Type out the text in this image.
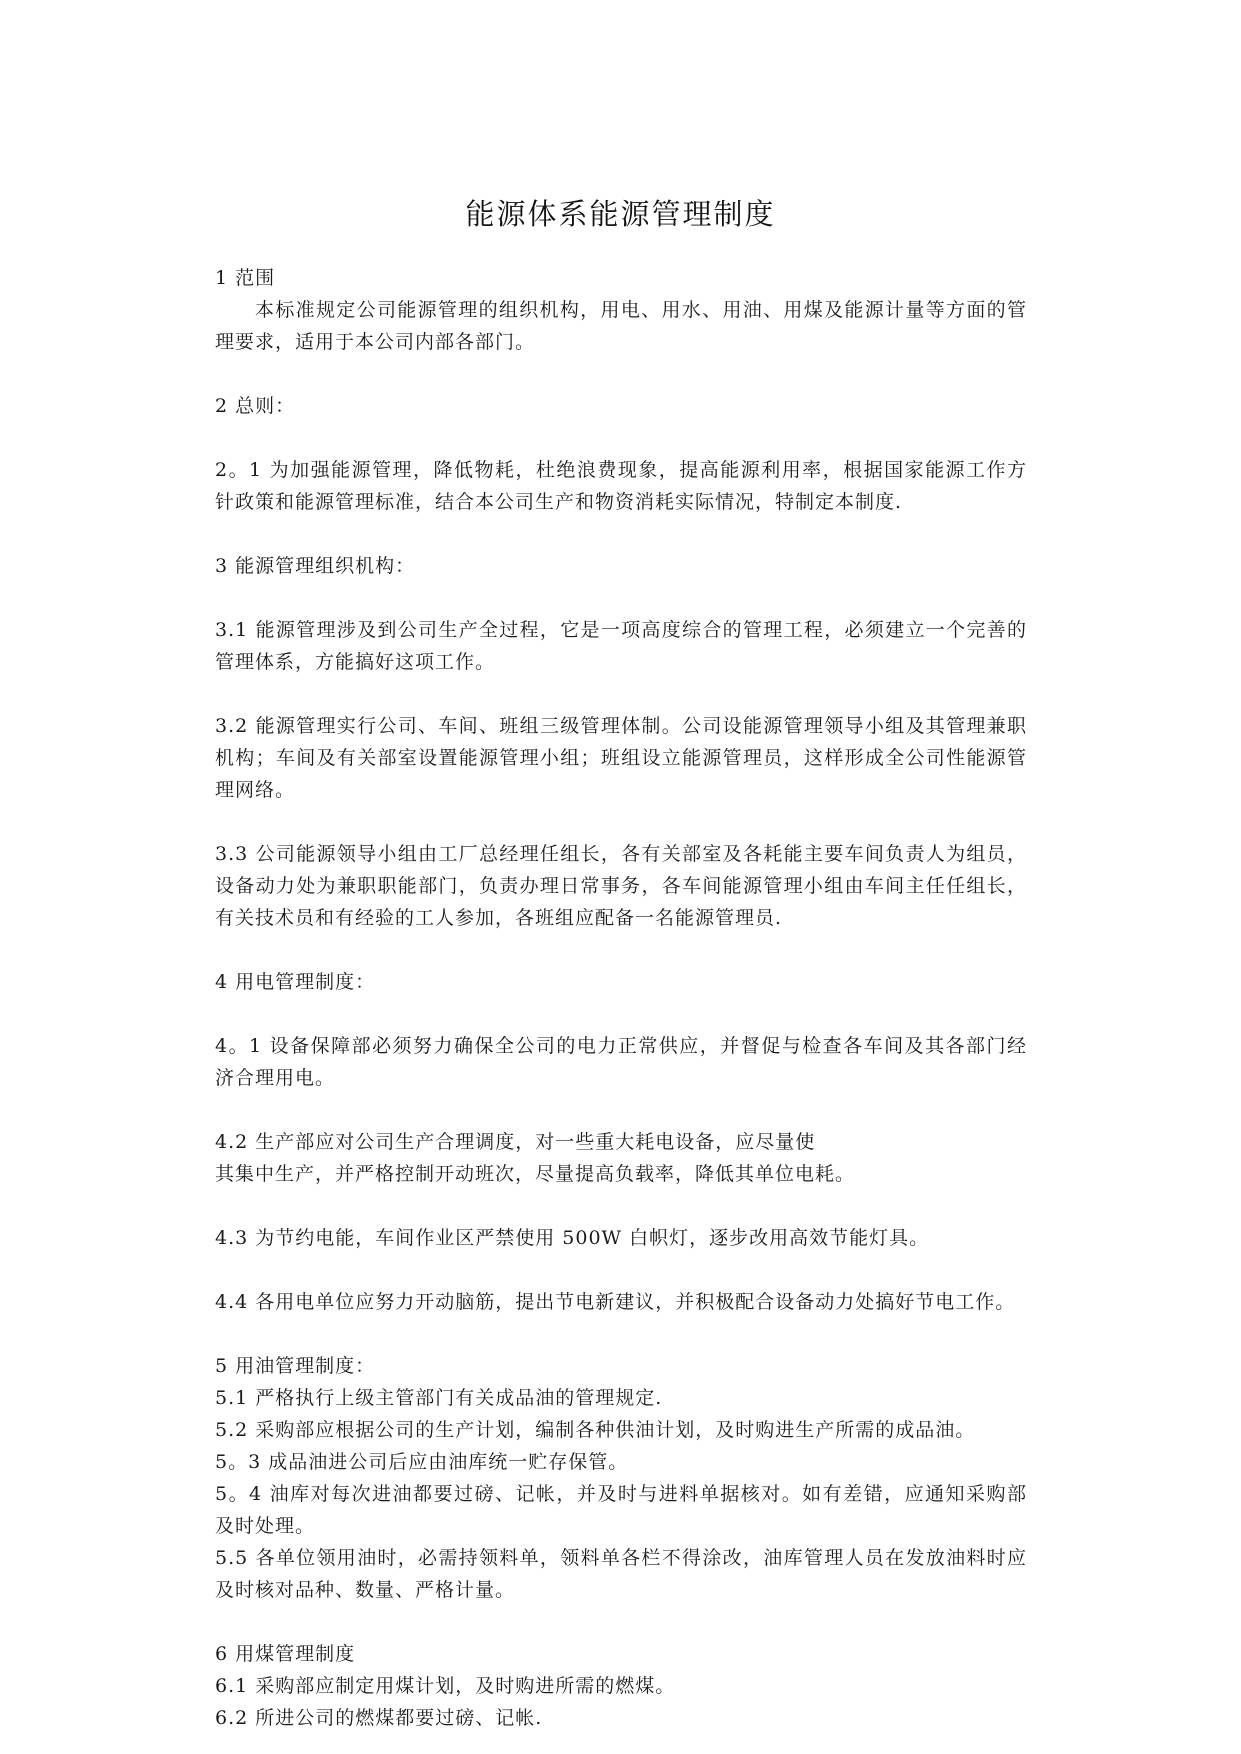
能源体系能源管理制度

1 范围

本标准规定公司能源管理的组织机构，用电、用水、用油、用煤及能源计量等方面的管理要求，适用于本公司内部各部门。

2 总则：

2。1 为加强能源管理，降低物耗，杜绝浪费现象，提高能源利用率，根据国家能源工作方针政策和能源管理标准，结合本公司生产和物资消耗实际情况，特制定本制度.

3 能源管理组织机构：

3.1 能源管理涉及到公司生产全过程，它是一项高度综合的管理工程，必须建立一个完善的管理体系，方能搞好这项工作。

3.2 能源管理实行公司、车间、班组三级管理体制。公司设能源管理领导小组及其管理兼职机构；车间及有关部室设置能源管理小组；班组设立能源管理员，这样形成全公司性能源管理网络。

3.3 公司能源领导小组由工厂总经理任组长，各有关部室及各耗能主要车间负责人为组员，设备动力处为兼职职能部门，负责办理日常事务，各车间能源管理小组由车间主任任组长，有关技术员和有经验的工人参加，各班组应配备一名能源管理员.

4 用电管理制度：

4。1 设备保障部必须努力确保全公司的电力正常供应，并督促与检查各车间及其各部门经济合理用电。

4.2 生产部应对公司生产合理调度，对一些重大耗电设备，应尽量使

其集中生产，并严格控制开动班次，尽量提高负载率，降低其单位电耗。

4.3 为节约电能，车间作业区严禁使用 500W 白帜灯，逐步改用高效节能灯具。

4.4 各用电单位应努力开动脑筋，提出节电新建议，并积极配合设备动力处搞好节电工作。

5 用油管理制度：

5.1 严格执行上级主管部门有关成品油的管理规定.

5.2 采购部应根据公司的生产计划，编制各种供油计划，及时购进生产所需的成品油。

5。3 成品油进公司后应由油库统一贮存保管。

5。4 油库对每次进油都要过磅、记帐，并及时与进料单据核对。如有差错，应通知采购部及时处理。

5.5 各单位领用油时，必需持领料单，领料单各栏不得涂改，油库管理人员在发放油料时应及时核对品种、数量、严格计量。

6 用煤管理制度

6.1 采购部应制定用煤计划，及时购进所需的燃煤。

6.2 所进公司的燃煤都要过磅、记帐.
